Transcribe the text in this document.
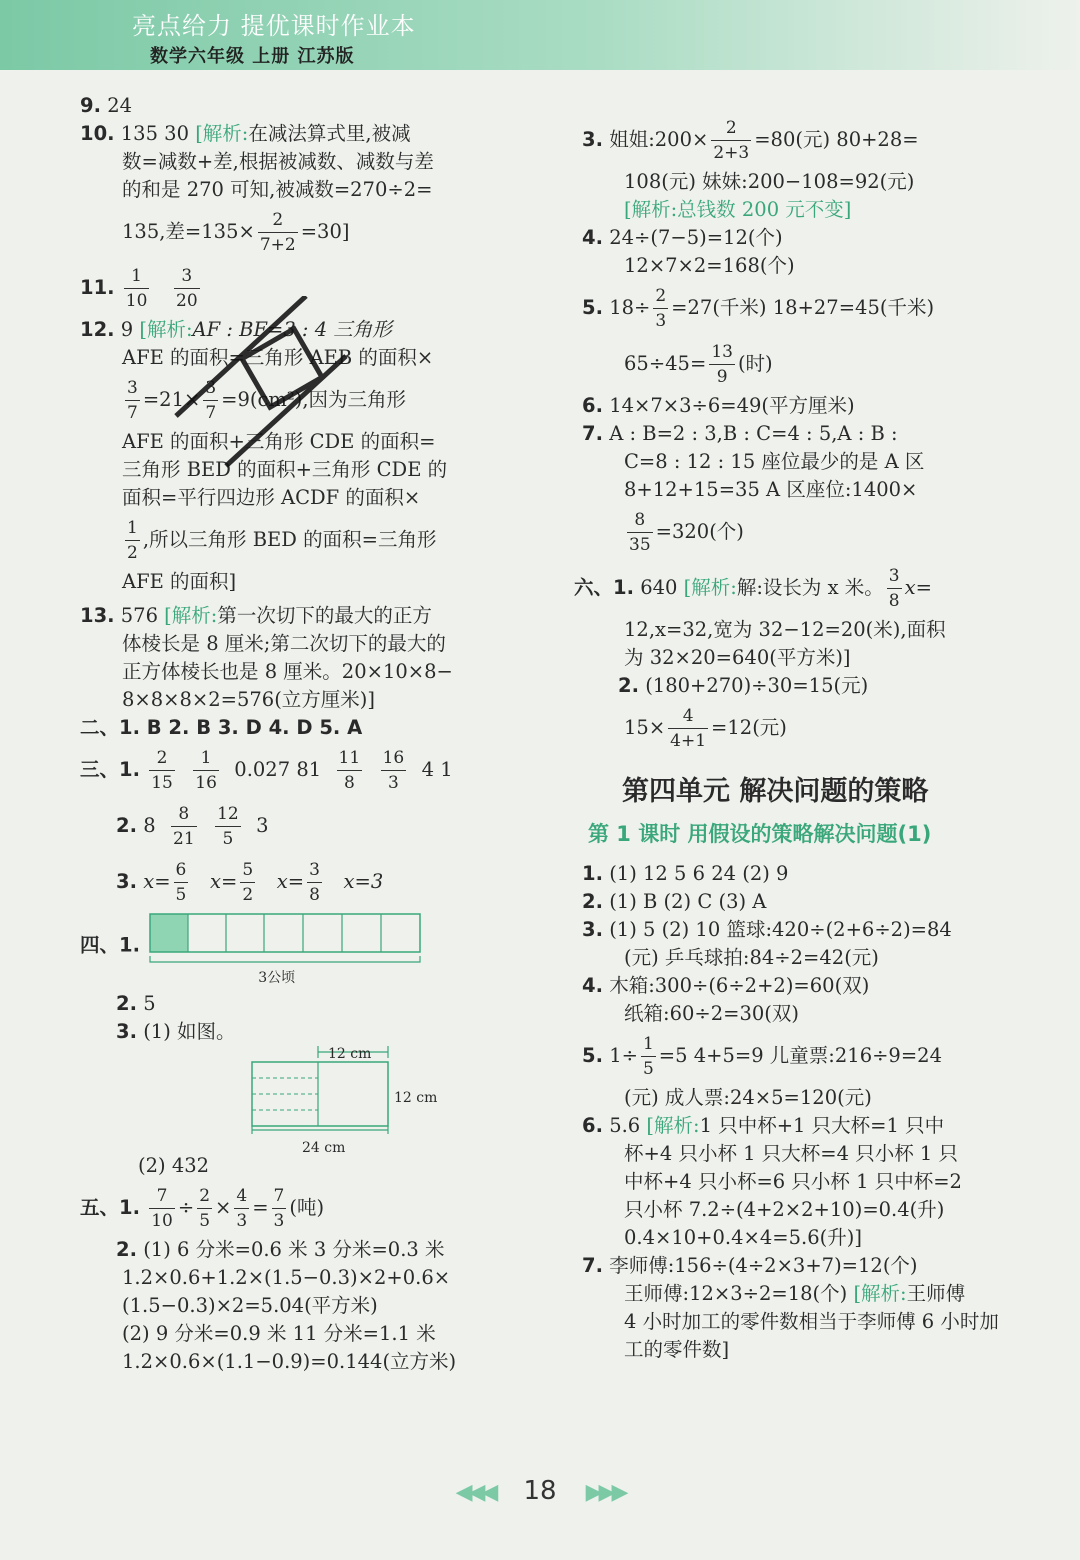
亮点给力 提优课时作业本
数学六年级 上册 江苏版
9. 24
10. 135 30 [解析:在减法算式里,被减
数=减数+差,根据被减数、减数与差
的和是 270 可知,被减数=270÷2=
135,差$=135\times \frac{2}{7+2} =30$]
11. $\frac{1}{10}$
$\frac{3}{20}$
12. 9 [解析:AF : BF=3 : 4 三角形
AFE 的面积=三角形 AEB 的面积×
$\frac{3}{7} =21\times \frac{3}{7} =9(cm^2)$,因为三角形
AFE 的面积+三角形 CDE 的面积=
三角形 BED 的面积+三角形 CDE 的
面积=平行四边形 ACDF 的面积×
$\frac{1}{2}$ ,所以三角形 BED 的面积=三角形
AFE 的面积]
13. 576 [解析:第一次切下的最大的正方
体棱长是 8 厘米;第二次切下的最大的
正方体棱长也是 8 厘米。20×10×8−
8×8×8×2=576(立方厘米)]
二、1. B 2. B 3. D 4. D 5. A
三、1. $\frac{2}{15}$
$\frac{1}{16} 0.027$ $81 \frac{11}{8}$
$\frac{16}{3} 4$ 1
2. $8 \frac{8}{21}$
$\frac{12}{5} 3$
3. $x= \frac{6}{5} x= \frac{5}{2} x= \frac{3}{8} x=3$
四、1.
3公顷
2. 5
3. (1) 如图。
12 cm
12 cm
24 cm
(2) 432
五、1. $\frac{7}{10} \div \frac{2}{5} \times \frac{4}{3} = \frac{7}{3}$ (吨)
2. (1) 6 分米=0.6 米 3 分米=0.3 米
1.2×0.6+1.2×(1.5−0.3)×2+0.6×
(1.5−0.3)×2=5.04(平方米)
(2) 9 分米=0.9 米 11 分米=1.1 米
1.2×0.6×(1.1−0.9)=0.144(立方米)
3. 姐姐:200× $\frac{2}{2+3} =80$(元) 80+28=
108(元) 妹妹:200−108=92(元)
[解析:总钱数 200 元不变]
4. 24÷(7−5)=12(个)
12×7×2=168(个)
5. $18\div \frac{2}{3} =27$(千米) 18+27=45(千米)
$65\div 45= \frac{13}{9}$ (时)
6. 14×7×3÷6=49(平方厘米)
7. A : B=2 : 3,B : C=4 : 5,A : B :
C=8 : 12 : 15 座位最少的是 A 区
8+12+15=35 A 区座位:1400×
$\frac{8}{35} =320$(个)
六、1. 640 [解析:解:设长为 x 米。 $\frac{3}{8} x=$
12,x=32,宽为 32−12=20(米),面积
为 32×20=640(平方米)]
2. (180+270)÷30=15(元)
$15\times \frac{4}{4+1} =12$(元)
第四单元 解决问题的策略
第 1 课时 用假设的策略解决问题(1)
1. (1) 12 5 6 24 (2) 9
2. (1) B (2) C (3) A
3. (1) 5 (2) 10 篮球:420÷(2+6÷2)=84
(元) 乒乓球拍:84÷2=42(元)
4. 木箱:300÷(6÷2+2)=60(双)
纸箱:60÷2=30(双)
5. $1\div \frac{1}{5} =5$ 4+5=9 儿童票:216÷9=24
(元) 成人票:24×5=120(元)
6. 5.6 [解析:1 只中杯+1 只大杯=1 只中
杯+4 只小杯 1 只大杯=4 只小杯 1 只
中杯+4 只小杯=6 只小杯 1 只中杯=2
只小杯 7.2÷(4+2×2+10)=0.4(升)
0.4×10+0.4×4=5.6(升)]
7. 李师傅:156÷(4÷2×3+7)=12(个)
王师傅:12×3÷2=18(个) [解析:王师傅
4 小时加工的零件数相当于李师傅 6 小时加
工的零件数]
◀◀◀ 18 ▶▶▶
